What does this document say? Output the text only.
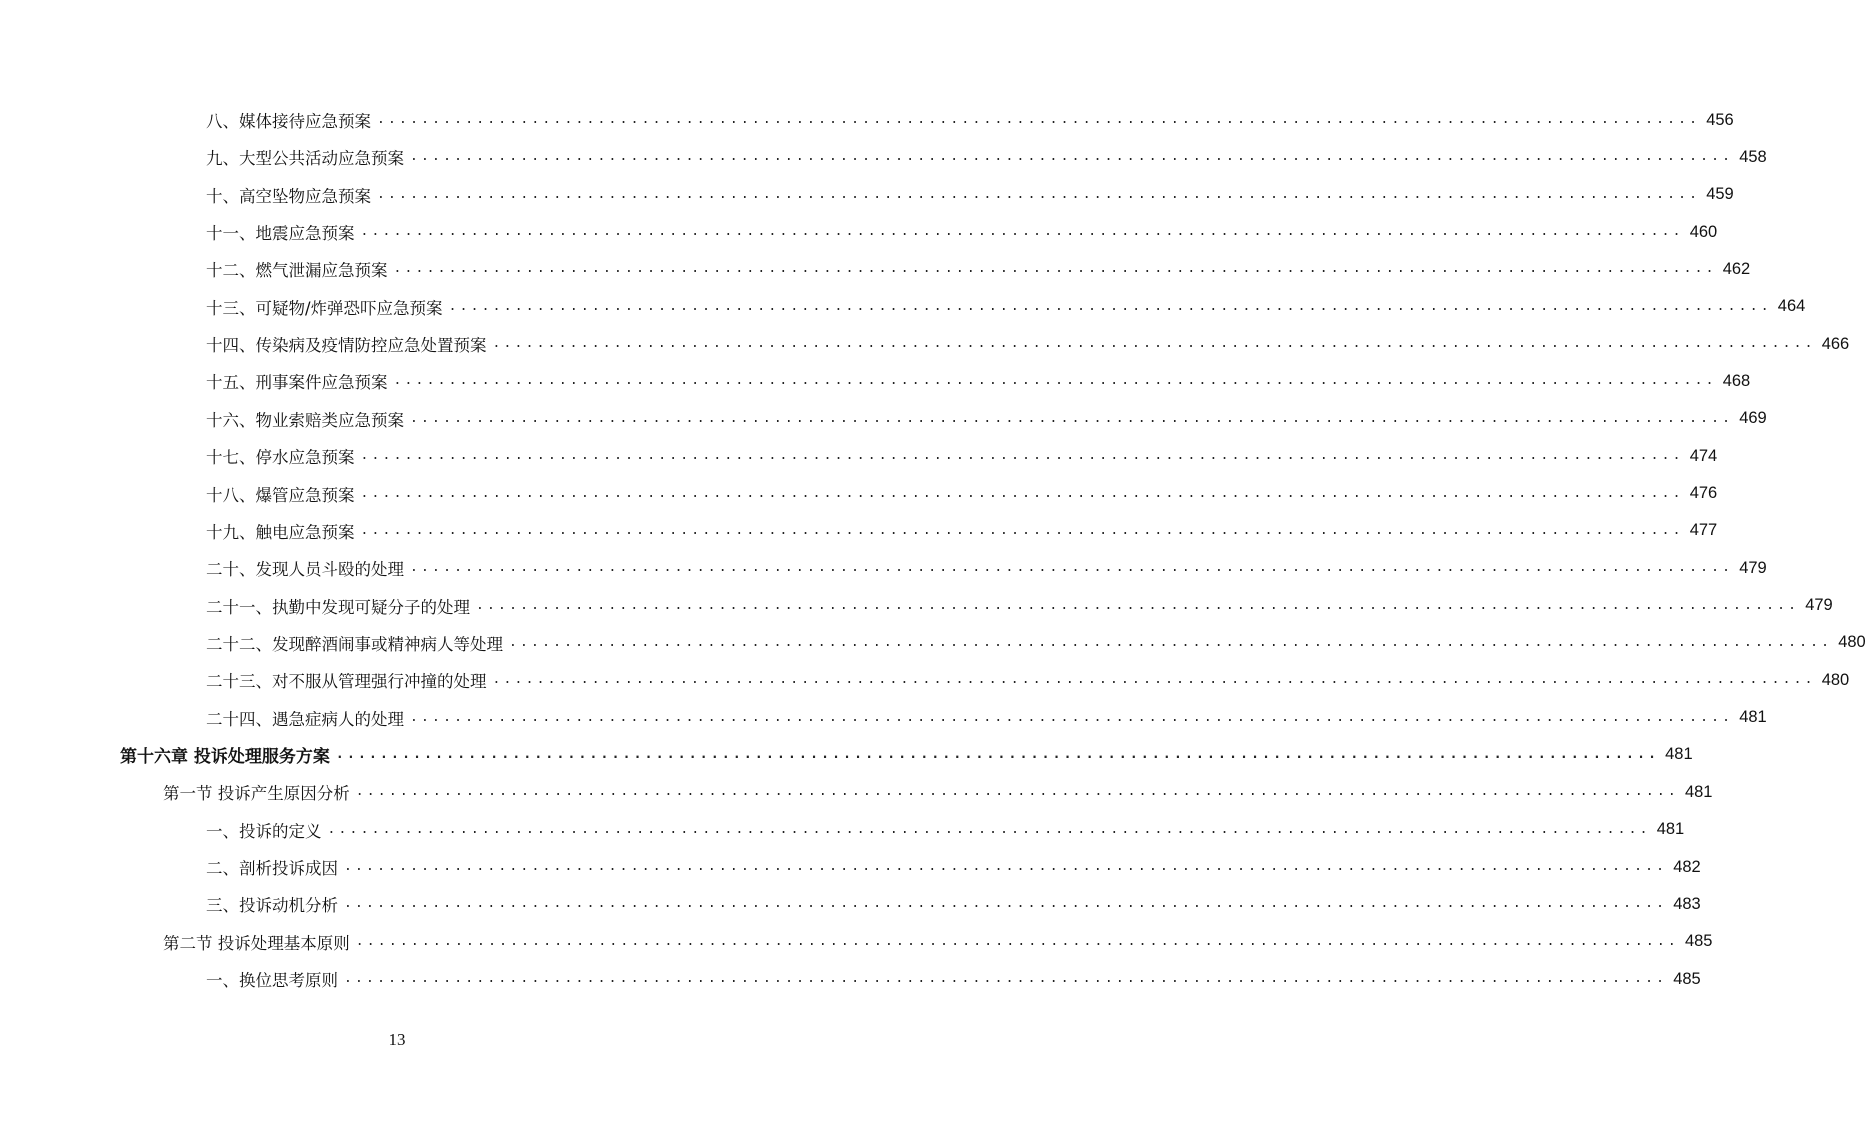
八、媒体接待应急预案 ........................................................................................................................ 456
九、大型公共活动应急预案 ........................................................................................................................ 458
十、高空坠物应急预案 ........................................................................................................................ 459
十一、地震应急预案 ........................................................................................................................ 460
十二、燃气泄漏应急预案 ........................................................................................................................ 462
十三、可疑物/炸弹恐吓应急预案 ........................................................................................................................ 464
十四、传染病及疫情防控应急处置预案 ........................................................................................................................ 466
十五、刑事案件应急预案 ........................................................................................................................ 468
十六、物业索赔类应急预案 ........................................................................................................................ 469
十七、停水应急预案 ........................................................................................................................ 474
十八、爆管应急预案 ........................................................................................................................ 476
十九、触电应急预案 ........................................................................................................................ 477
二十、发现人员斗殴的处理 ........................................................................................................................ 479
二十一、执勤中发现可疑分子的处理 ........................................................................................................................ 479
二十二、发现醉酒闹事或精神病人等处理 ........................................................................................................................ 480
二十三、对不服从管理强行冲撞的处理 ........................................................................................................................ 480
二十四、遇急症病人的处理 ........................................................................................................................ 481
第十六章 投诉处理服务方案 ........................................................................................................................ 481
第一节 投诉产生原因分析 ........................................................................................................................ 481
一、投诉的定义 ........................................................................................................................ 481
二、剖析投诉成因 ........................................................................................................................ 482
三、投诉动机分析 ........................................................................................................................ 483
第二节 投诉处理基本原则 ........................................................................................................................ 485
一、换位思考原则 ........................................................................................................................ 485
13
